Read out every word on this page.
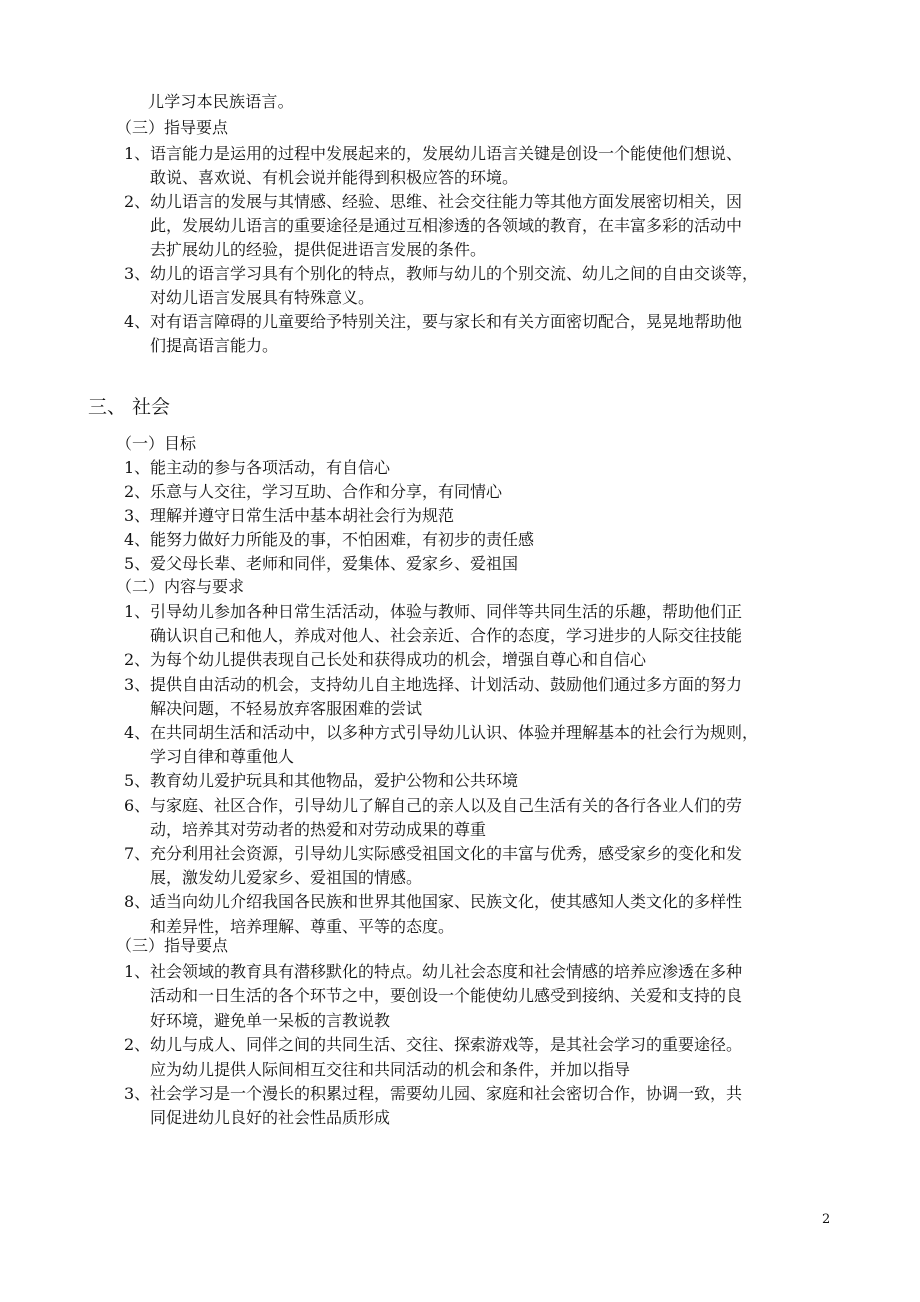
儿学习本民族语言。
（三）指导要点
1、 语言能力是运用的过程中发展起来的，发展幼儿语言关键是创设一个能使他们想说、
敢说、喜欢说、有机会说并能得到积极应答的环境。
2、 幼儿语言的发展与其情感、经验、思维、社会交往能力等其他方面发展密切相关，因
此，发展幼儿语言的重要途径是通过互相渗透的各领域的教育，在丰富多彩的活动中
去扩展幼儿的经验，提供促进语言发展的条件。
3、 幼儿的语言学习具有个别化的特点，教师与幼儿的个别交流、幼儿之间的自由交谈等，
对幼儿语言发展具有特殊意义。
4、 对有语言障碍的儿童要给予特别关注，要与家长和有关方面密切配合，晃晃地帮助他
们提高语言能力。
三、 社会
（一）目标
1、 能主动的参与各项活动，有自信心
2、 乐意与人交往，学习互助、合作和分享，有同情心
3、 理解并遵守日常生活中基本胡社会行为规范
4、 能努力做好力所能及的事，不怕困难，有初步的责任感
5、 爱父母长辈、老师和同伴，爱集体、爱家乡、爱祖国
（二）内容与要求
1、 引导幼儿参加各种日常生活活动，体验与教师、同伴等共同生活的乐趣，帮助他们正
确认识自己和他人，养成对他人、社会亲近、合作的态度，学习进步的人际交往技能
2、 为每个幼儿提供表现自己长处和获得成功的机会，增强自尊心和自信心
3、 提供自由活动的机会，支持幼儿自主地选择、计划活动、鼓励他们通过多方面的努力
解决问题，不轻易放弃客服困难的尝试
4、 在共同胡生活和活动中，以多种方式引导幼儿认识、体验并理解基本的社会行为规则，
学习自律和尊重他人
5、 教育幼儿爱护玩具和其他物品，爱护公物和公共环境
6、 与家庭、社区合作，引导幼儿了解自己的亲人以及自己生活有关的各行各业人们的劳
动，培养其对劳动者的热爱和对劳动成果的尊重
7、 充分利用社会资源，引导幼儿实际感受祖国文化的丰富与优秀，感受家乡的变化和发
展，激发幼儿爱家乡、爱祖国的情感。
8、 适当向幼儿介绍我国各民族和世界其他国家、民族文化，使其感知人类文化的多样性
和差异性，培养理解、尊重、平等的态度。
（三）指导要点
1、 社会领域的教育具有潜移默化的特点。幼儿社会态度和社会情感的培养应渗透在多种
活动和一日生活的各个环节之中，要创设一个能使幼儿感受到接纳、关爱和支持的良
好环境，避免单一呆板的言教说教
2、 幼儿与成人、同伴之间的共同生活、交往、探索游戏等，是其社会学习的重要途径。
应为幼儿提供人际间相互交往和共同活动的机会和条件，并加以指导
3、 社会学习是一个漫长的积累过程，需要幼儿园、家庭和社会密切合作，协调一致，共
同促进幼儿良好的社会性品质形成
2
